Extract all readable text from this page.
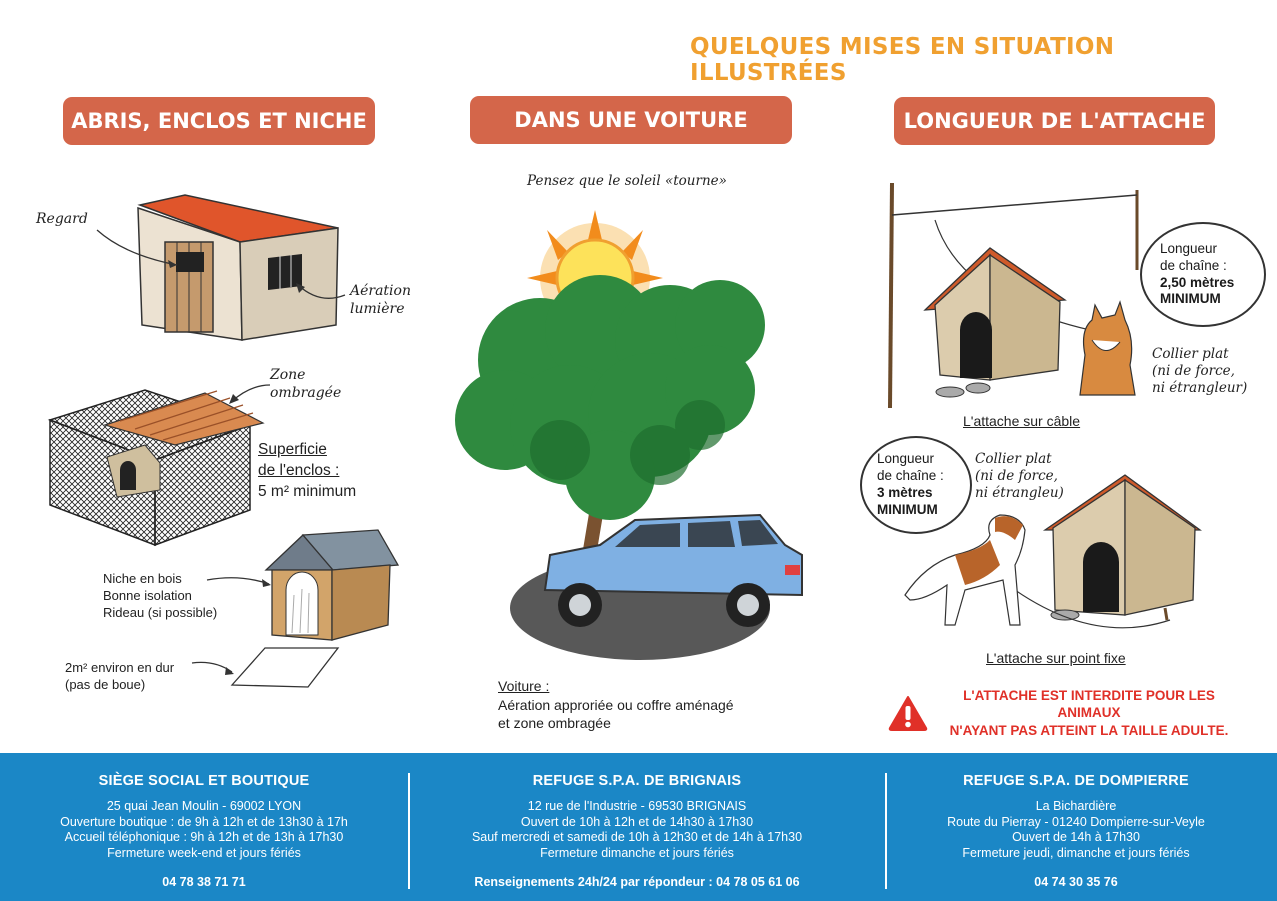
QUELQUES MISES EN SITUATION ILLUSTRÉES
ABRIS, ENCLOS ET NICHE	DANS UNE VOITURE	LONGUEUR DE L'ATTACHE
Regard
Aération
lumière
Zone
ombragée
Superficie
de l'enclos :
5 m² minimum
Niche en bois
Bonne isolation
Rideau (si possible)
2m² environ en dur
(pas de boue)
Pensez que le soleil «tourne»
Voiture :
Aération approriée ou coffre aménagé
et zone ombragée
Longueur
de chaîne :
2,50 mètres
MINIMUM
Collier plat
(ni de force,
ni étrangleur)
L'attache sur câble
Longueur
de chaîne :
3 mètres
MINIMUM
Collier plat
(ni de force,
ni étrangleu)
L'attache sur point fixe
L'ATTACHE EST INTERDITE POUR LES ANIMAUX
N'AYANT PAS ATTEINT LA TAILLE ADULTE.
SIÈGE SOCIAL ET BOUTIQUE
25 quai Jean Moulin - 69002 LYON
Ouverture boutique : de 9h à 12h et de 13h30 à 17h
Accueil téléphonique : 9h à 12h et de 13h à 17h30
Fermeture week-end et jours fériés
04 78 38 71 71
REFUGE S.P.A. DE BRIGNAIS
12 rue de l'Industrie - 69530 BRIGNAIS
Ouvert de 10h à 12h et de 14h30 à 17h30
Sauf mercredi et samedi de 10h à 12h30 et de 14h à 17h30
Fermeture dimanche et jours fériés
Renseignements 24h/24 par répondeur : 04 78 05 61 06
REFUGE S.P.A. DE DOMPIERRE
La Bichardière
Route du Pierray - 01240 Dompierre-sur-Veyle
Ouvert de 14h à 17h30
Fermeture jeudi, dimanche et jours fériés
04 74 30 35 76
